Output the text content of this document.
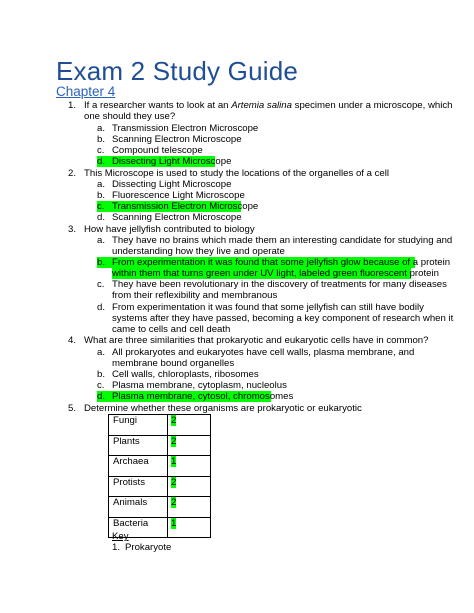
Exam 2 Study Guide
Chapter 4
1. If a researcher wants to look at an Artemia salina specimen under a microscope, which
one should they use?
a. Transmission Electron Microscope
b. Scanning Electron Microscope
c. Compound telescope
d. Dissecting Light Microscope
2. This Microscope is used to study the locations of the organelles of a cell
a. Dissecting Light Microscope
b. Fluorescence Light Microscope
c. Transmission Electron Microscope
d. Scanning Electron Microscope
3. How have jellyfish contributed to biology
a. They have no brains which made them an interesting candidate for studying and
understanding how they live and operate
b. From experimentation it was found that some jellyfish glow because of a protein
within them that turns green under UV light, labeled green fluorescent protein
c. They have been revolutionary in the discovery of treatments for many diseases
from their reflexibility and membranous
d. From experimentation it was found that some jellyfish can still have bodily
systems after they have passed, becoming a key component of research when it
came to cells and cell death
4. What are three similarities that prokaryotic and eukaryotic cells have in common?
a. All prokaryotes and eukaryotes have cell walls, plasma membrane, and
membrane bound organelles
b. Cell walls, chloroplasts, ribosomes
c. Plasma membrane, cytoplasm, nucleolus
d. Plasma membrane, cytosol, chromosomes
5. Determine whether these organisms are prokaryotic or eukaryotic
Fungi	2
Plants	2
Archaea	1
Protists	2
Animals	2
Bacteria	1
Key
1. Prokaryote
